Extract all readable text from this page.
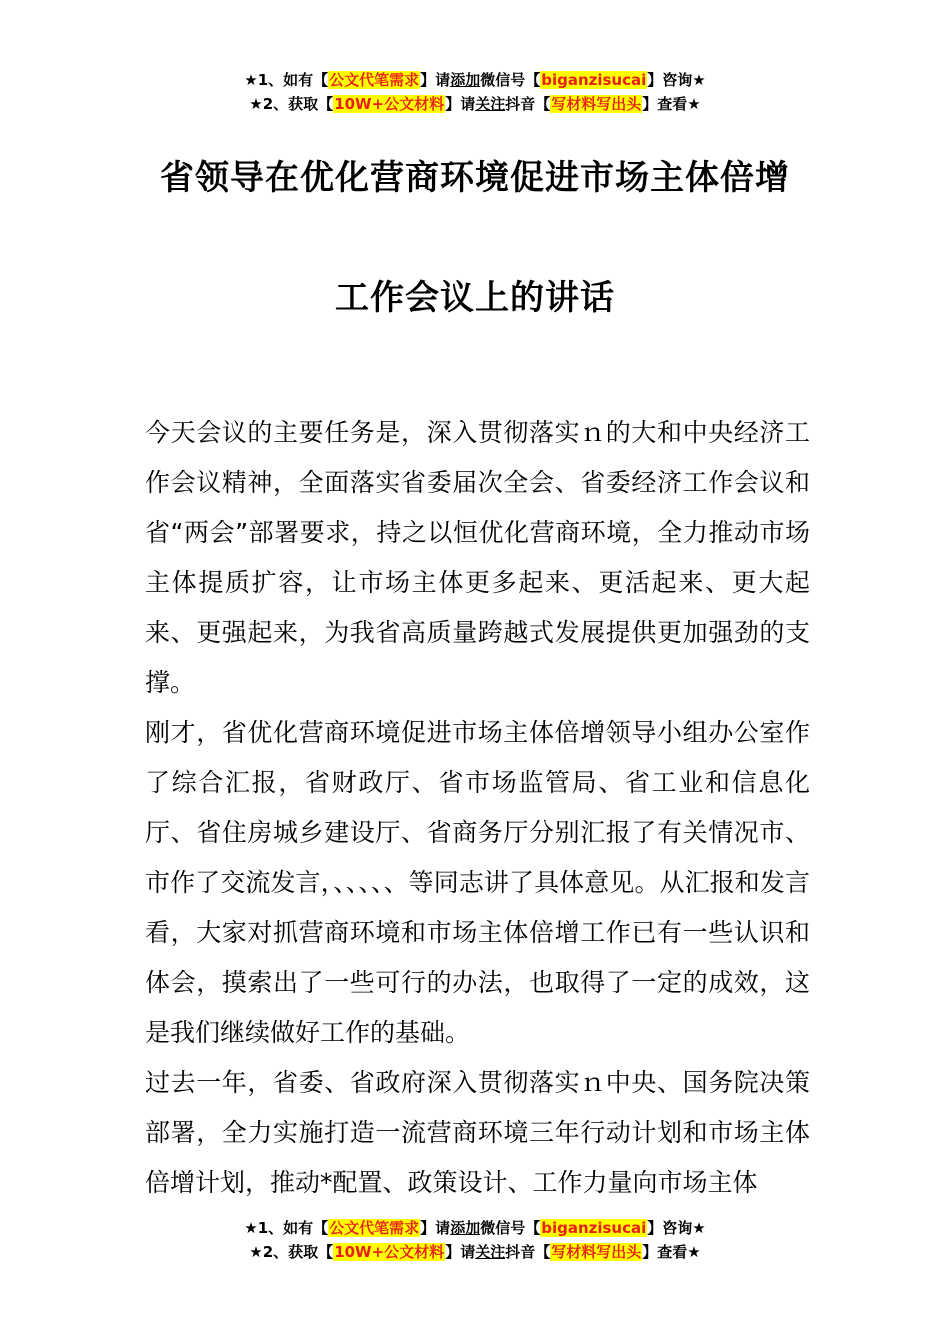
★1、如有【公文代笔需求】请添加微信号【biganzisucai】咨询★
★2、获取【10W+公文材料】请关注抖音【写材料写出头】查看★
省领导在优化营商环境促进市场主体倍增
工作会议上的讲话

今天会议的主要任务是，深入贯彻落实ｎ的大和中央经济工作会议精神，全面落实省委届次全会、省委经济工作会议和省“两会”部署要求，持之以恒优化营商环境，全力推动市场主体提质扩容，让市场主体更多起来、更活起来、更大起来、更强起来，为我省高质量跨越式发展提供更加强劲的支撑。

刚才，省优化营商环境促进市场主体倍增领导小组办公室作了综合汇报，省财政厅、省市场监管局、省工业和信息化厅、省住房城乡建设厅、省商务厅分别汇报了有关情况市、市作了交流发言，、、、、、等同志讲了具体意见。从汇报和发言看，大家对抓营商环境和市场主体倍增工作已有一些认识和体会，摸索出了一些可行的办法，也取得了一定的成效，这是我们继续做好工作的基础。

过去一年，省委、省政府深入贯彻落实ｎ中央、国务院决策部署，全力实施打造一流营商环境三年行动计划和市场主体倍增计划，推动*配置、政策设计、工作力量向市场主体

★1、如有【公文代笔需求】请添加微信号【biganzisucai】咨询★
★2、获取【10W+公文材料】请关注抖音【写材料写出头】查看★
